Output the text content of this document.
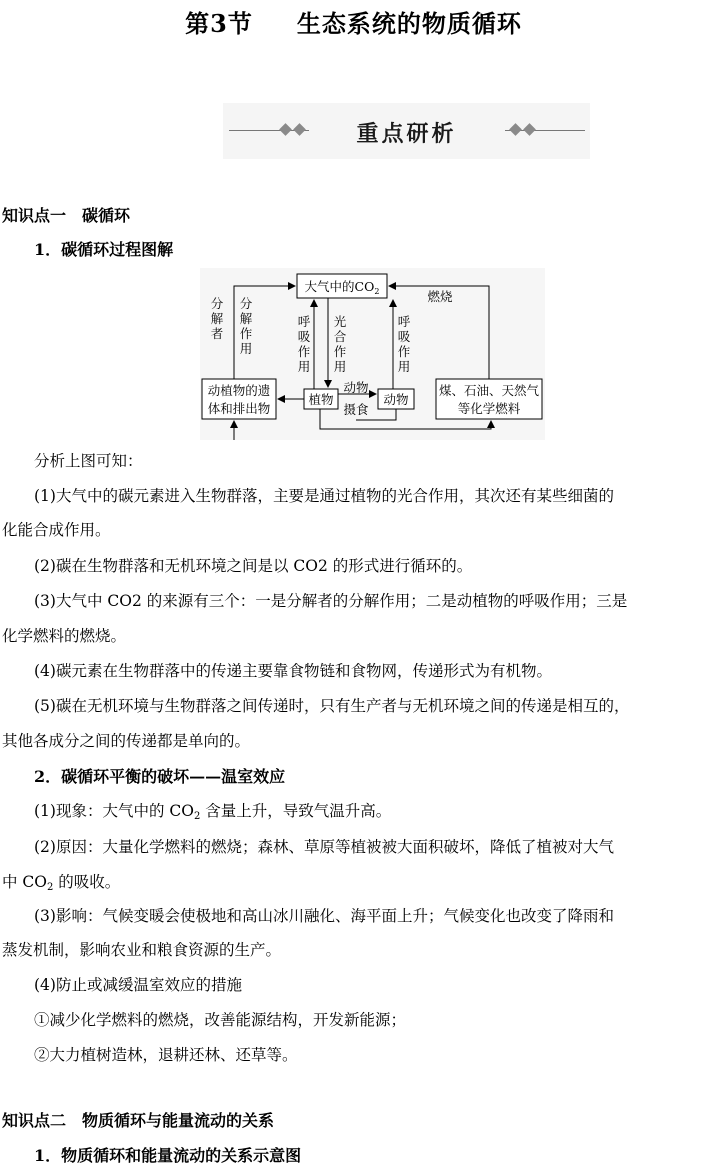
第3节 生态系统的物质循环
重点研析
知识点一　碳循环
1．碳循环过程图解
大气中的$CO_2$
动植物的遗
体和排出物
植物	动物
煤、石油、天然气
等化学燃料
分
解
者
分
解
作
用
呼
吸
作
用
光
合
作
用
呼
吸
作
用
燃烧
动物
摄食
分析上图可知：
(1)大气中的碳元素进入生物群落，主要是通过植物的光合作用，其次还有某些细菌的
化能合成作用。
(2)碳在生物群落和无机环境之间是以 CO2 的形式进行循环的。
(3)大气中 CO2 的来源有三个：一是分解者的分解作用；二是动植物的呼吸作用；三是
化学燃料的燃烧。
(4)碳元素在生物群落中的传递主要靠食物链和食物网，传递形式为有机物。
(5)碳在无机环境与生物群落之间传递时，只有生产者与无机环境之间的传递是相互的，
其他各成分之间的传递都是单向的。
2．碳循环平衡的破坏——温室效应
(1)现象：大气中的 $CO_2$ 含量上升，导致气温升高。
(2)原因：大量化学燃料的燃烧；森林、草原等植被被大面积破坏，降低了植被对大气
中 $CO_2$ 的吸收。
(3)影响：气候变暖会使极地和高山冰川融化、海平面上升；气候变化也改变了降雨和
蒸发机制，影响农业和粮食资源的生产。
(4)防止或减缓温室效应的措施
①减少化学燃料的燃烧，改善能源结构，开发新能源；
②大力植树造林，退耕还林、还草等。
知识点二　物质循环与能量流动的关系
1．物质循环和能量流动的关系示意图
